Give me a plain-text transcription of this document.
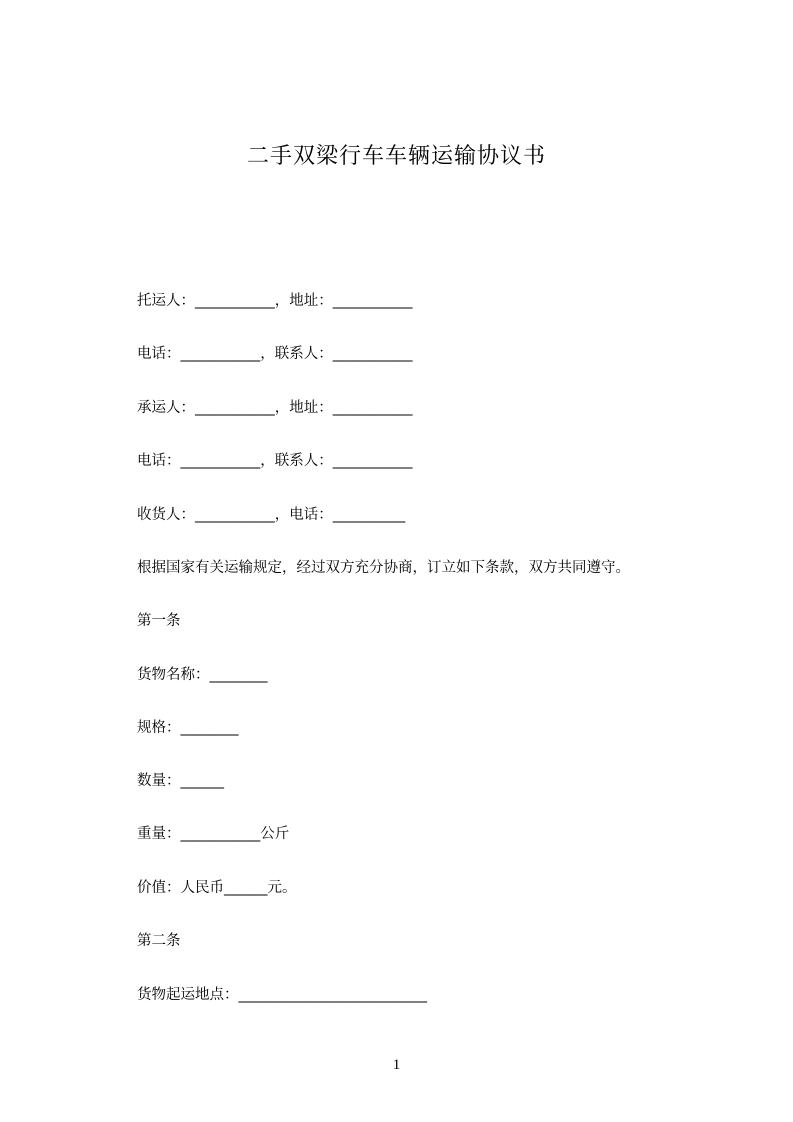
二手双梁行车车辆运输协议书
托运人：___________，地址：___________
电话：___________，联系人：___________
承运人：___________，地址：___________
电话：___________，联系人：___________
收货人：___________，电话：__________
根据国家有关运输规定，经过双方充分协商，订立如下条款，双方共同遵守。
第一条
货物名称：________
规格：________
数量：______
重量：___________公斤
价值：人民币______元。
第二条
货物起运地点：__________________________
1
